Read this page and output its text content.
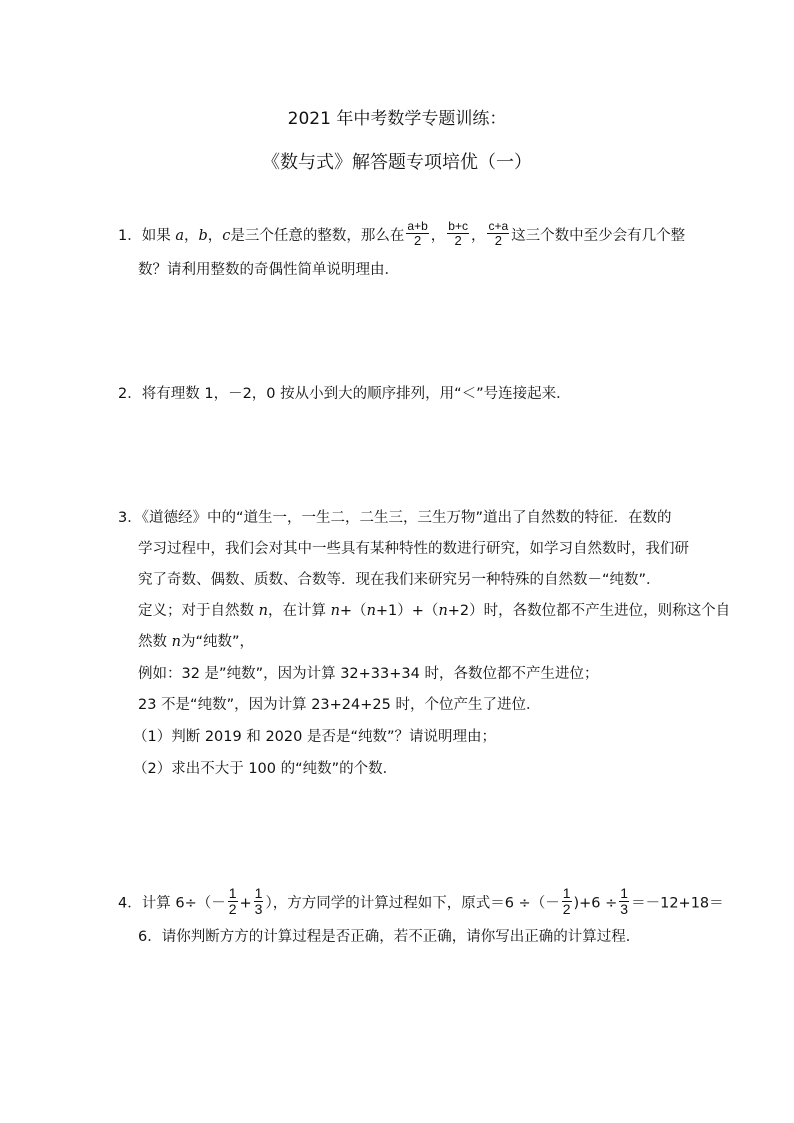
2021 年中考数学专题训练：
《数与式》解答题专项培优（一）
1．如果 a，b，c是三个任意的整数，那么在 $\frac{a+b}{2}$ ， $\frac{b+c}{2}$ ， $\frac{c+a}{2}$ 这三个数中至少会有几个整
数？请利用整数的奇偶性简单说明理由．
2．将有理数 1，－2，0 按从小到大的顺序排列，用“＜”号连接起来．
3．《道德经》中的“道生一，一生二，二生三，三生万物”道出了自然数的特征．在数的
学习过程中，我们会对其中一些具有某种特性的数进行研究，如学习自然数时，我们研
究了奇数、偶数、质数、合数等．现在我们来研究另一种特殊的自然数－“纯数”．
定义；对于自然数 n，在计算 n+（n+1）+（n+2）时，各数位都不产生进位，则称这个自
然数 n为“纯数”，
例如：32 是”纯数”，因为计算 32+33+34 时，各数位都不产生进位；
23 不是“纯数”，因为计算 23+24+25 时，个位产生了进位．
（1）判断 2019 和 2020 是否是“纯数”？请说明理由；
（2）求出不大于 100 的“纯数”的个数．
4．计算 $6\div(- \frac{1}{2} + \frac{1}{3}$ ），方方同学的计算过程如下，原式＝6 ÷（－ $\frac{1}{2} )+6 \div \frac{1}{3} =-12+18=$
6．请你判断方方的计算过程是否正确，若不正确，请你写出正确的计算过程．
